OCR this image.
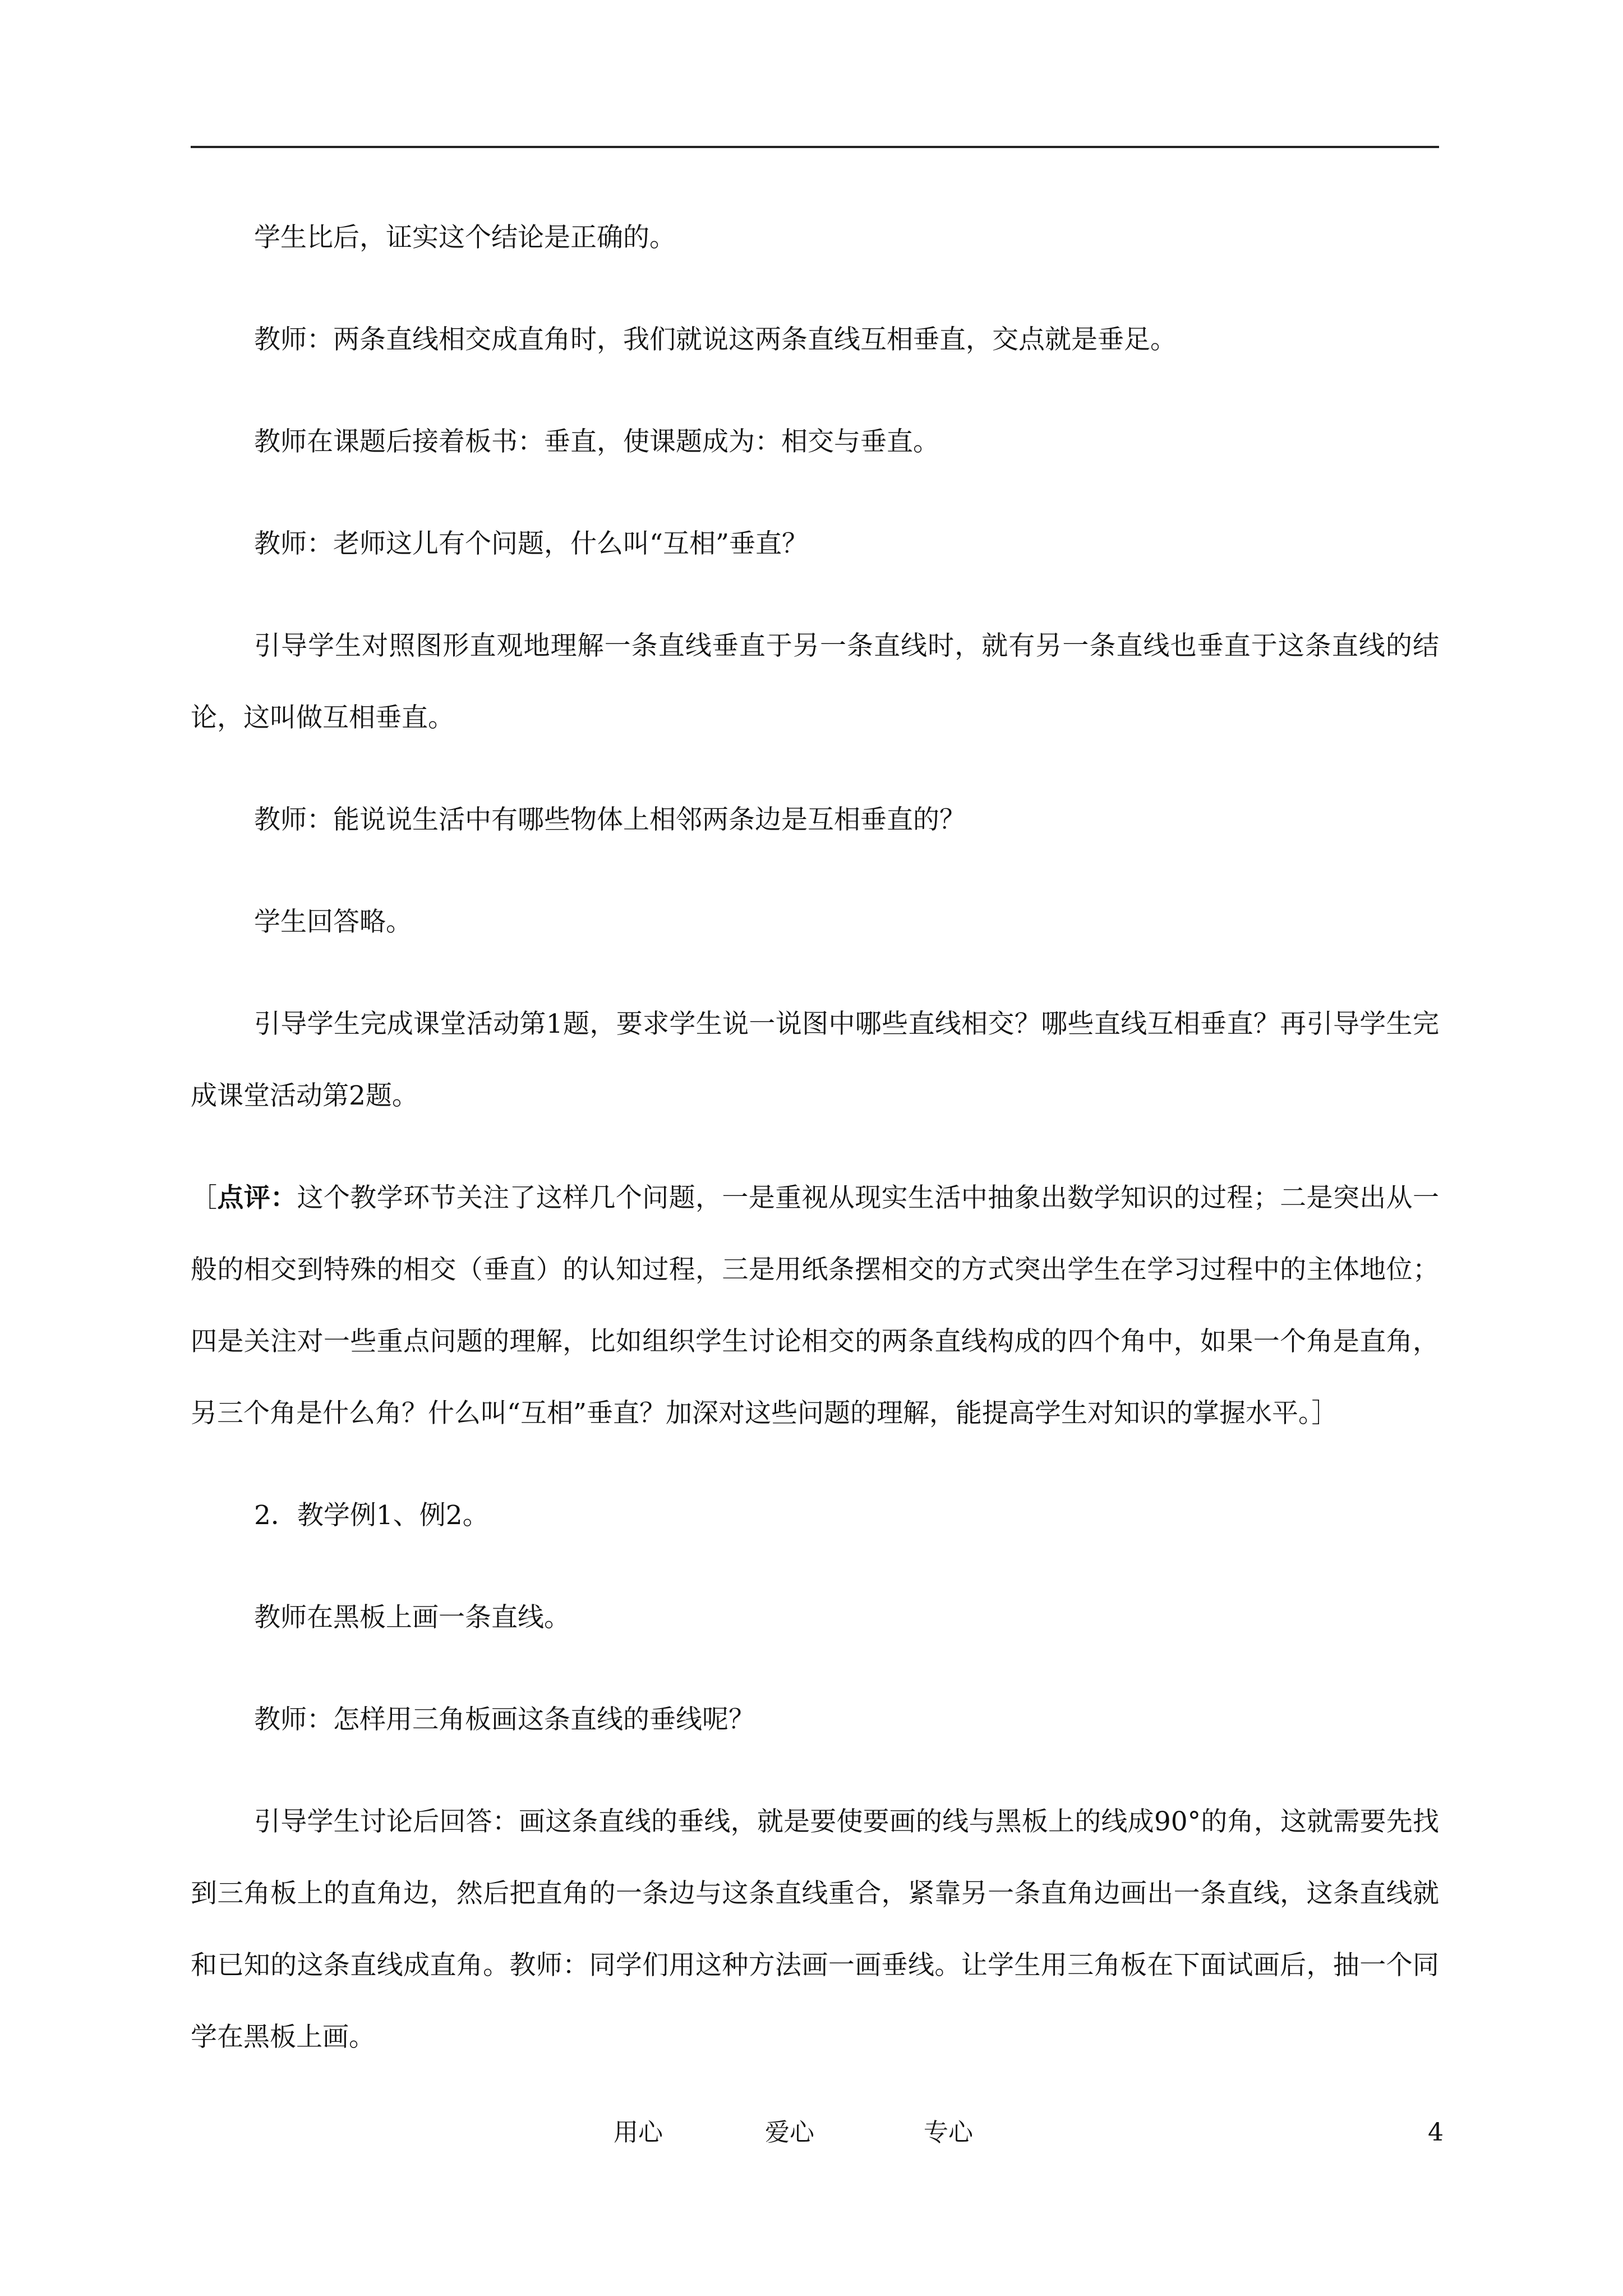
学生比后，证实这个结论是正确的。

教师：两条直线相交成直角时，我们就说这两条直线互相垂直，交点就是垂足。

教师在课题后接着板书：垂直，使课题成为：相交与垂直。

教师：老师这儿有个问题，什么叫“互相”垂直？

引导学生对照图形直观地理解一条直线垂直于另一条直线时，就有另一条直线也垂直于这条直线的结论，这叫做互相垂直。

教师：能说说生活中有哪些物体上相邻两条边是互相垂直的？

学生回答略。

引导学生完成课堂活动第1题，要求学生说一说图中哪些直线相交？哪些直线互相垂直？再引导学生完成课堂活动第2题。

［点评：这个教学环节关注了这样几个问题，一是重视从现实生活中抽象出数学知识的过程；二是突出从一般的相交到特殊的相交（垂直）的认知过程，三是用纸条摆相交的方式突出学生在学习过程中的主体地位；四是关注对一些重点问题的理解，比如组织学生讨论相交的两条直线构成的四个角中，如果一个角是直角，另三个角是什么角？什么叫“互相”垂直？加深对这些问题的理解，能提高学生对知识的掌握水平。］

2．教学例1、例2。

教师在黑板上画一条直线。

教师：怎样用三角板画这条直线的垂线呢？

引导学生讨论后回答：画这条直线的垂线，就是要使要画的线与黑板上的线成90°的角，这就需要先找到三角板上的直角边，然后把直角的一条边与这条直线重合，紧靠另一条直角边画出一条直线，这条直线就和已知的这条直线成直角。教师：同学们用这种方法画一画垂线。让学生用三角板在下面试画后，抽一个同学在黑板上画。

用心	爱心	专心	4
